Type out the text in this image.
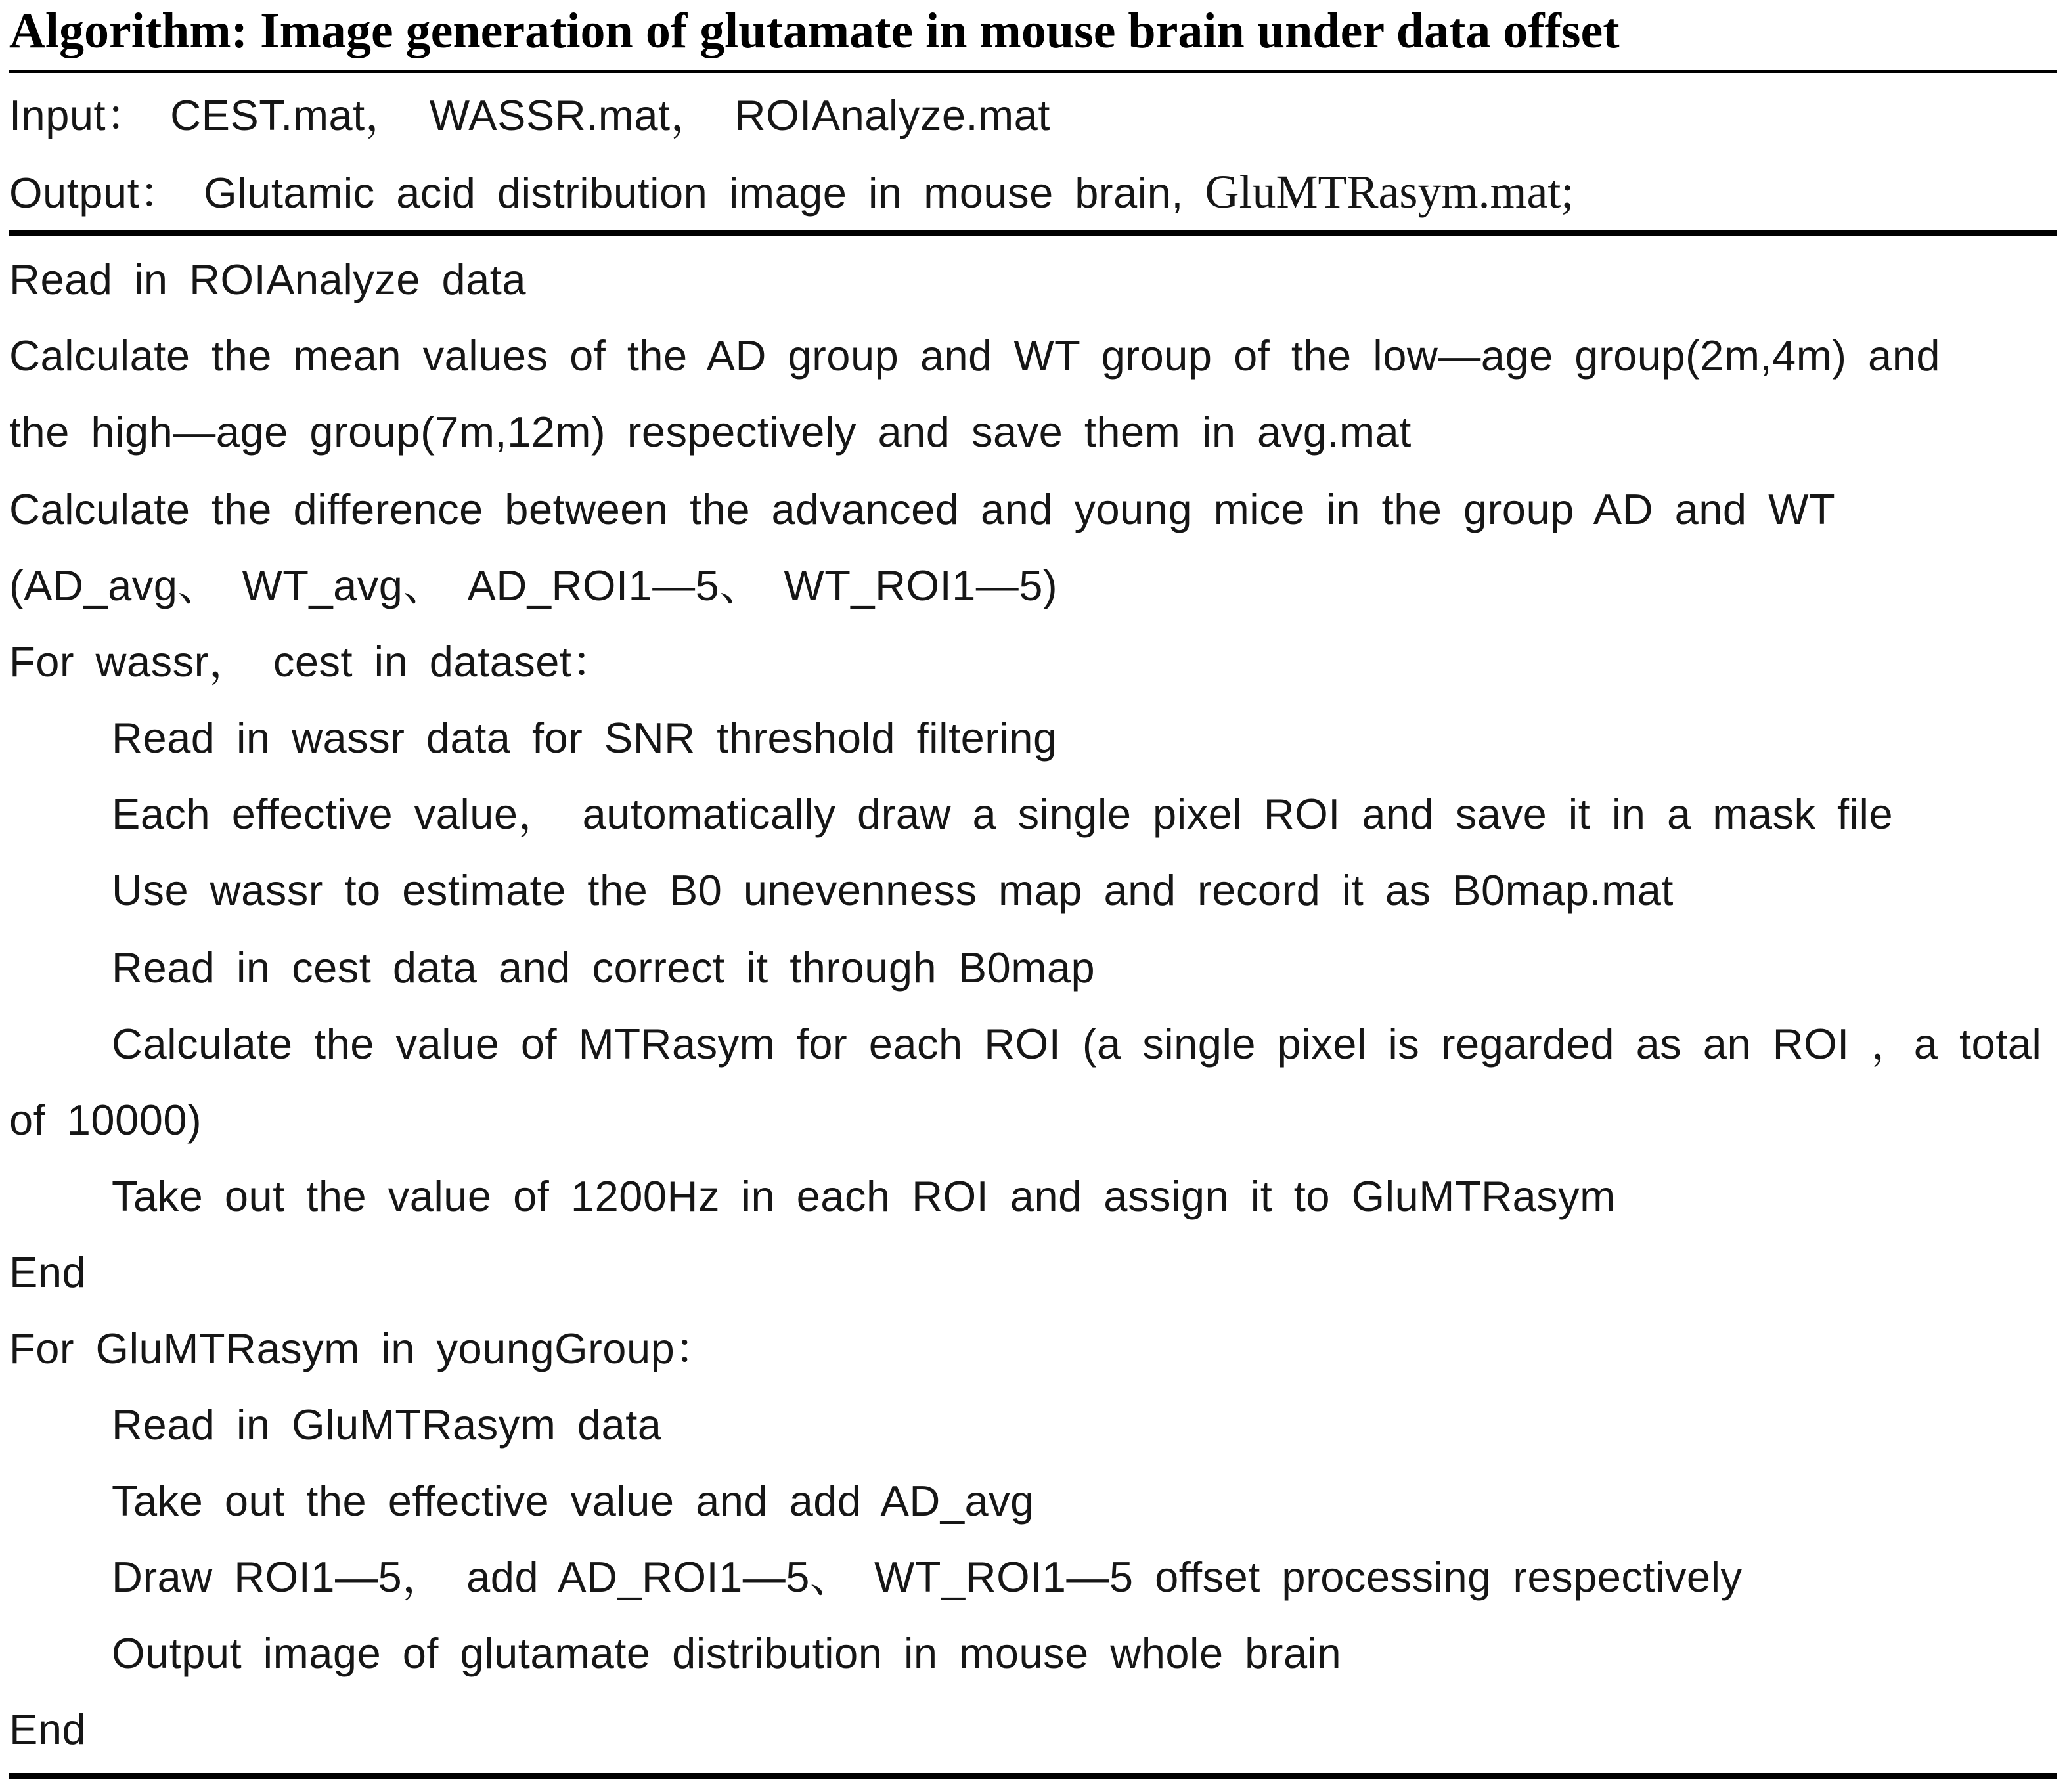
Algorithm: Image generation of glutamate in mouse brain under data offset
Input： CEST.mat， WASSR.mat， ROIAnalyze.mat
Output： Glutamic acid distribution image in mouse brain, GluMTRasym.mat;
Read in ROIAnalyze data
Calculate the mean values of the AD group and WT group of the low—age group(2m,4m) and
the high—age group(7m,12m) respectively and save them in avg.mat
Calculate the difference between the advanced and young mice in the group AD and WT
(AD_avg、 WT_avg、 AD_ROI1—5、 WT_ROI1—5)
For wassr， cest in dataset：
Read in wassr data for SNR threshold filtering
Each effective value， automatically draw a single pixel ROI and save it in a mask file
Use wassr to estimate the B0 unevenness map and record it as B0map.mat
Read in cest data and correct it through B0map
Calculate the value of MTRasym for each ROI (a single pixel is regarded as an ROI ，a total
of 10000)
Take out the value of 1200Hz in each ROI and assign it to GluMTRasym
End
For GluMTRasym in youngGroup：
Read in GluMTRasym data
Take out the effective value and add AD_avg
Draw ROI1—5， add AD_ROI1—5、 WT_ROI1—5 offset processing respectively
Output image of glutamate distribution in mouse whole brain
End
